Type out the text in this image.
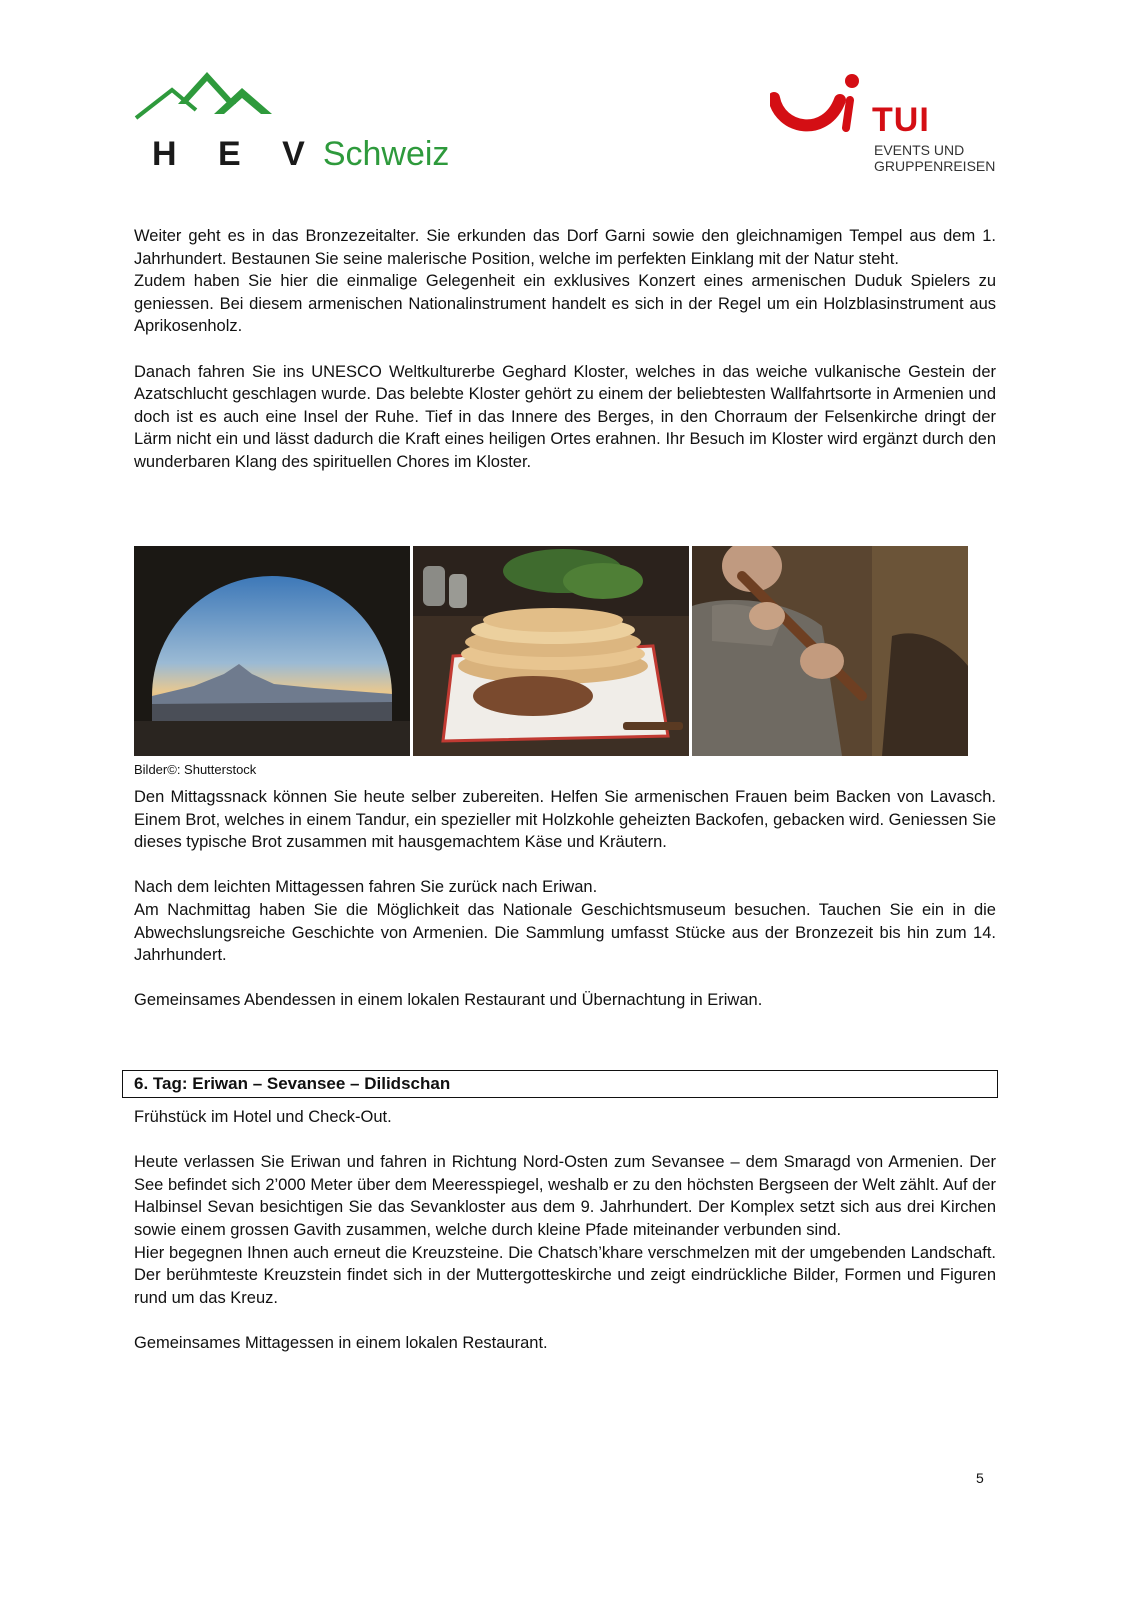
H E VSchweiz
TUI
EVENTS UND
GRUPPENREISEN

Weiter geht es in das Bronzezeitalter. Sie erkunden das Dorf Garni sowie den gleichnamigen Tempel aus dem 1. Jahrhundert. Bestaunen Sie seine malerische Position, welche im perfekten Einklang mit der Natur steht.

Zudem haben Sie hier die einmalige Gelegenheit ein exklusives Konzert eines armenischen Duduk Spielers zu geniessen. Bei diesem armenischen Nationalinstrument handelt es sich in der Regel um ein Holzblasinstrument aus Aprikosenholz.

Danach fahren Sie ins UNESCO Weltkulturerbe Geghard Kloster, welches in das weiche vulkanische Gestein der Azatschlucht geschlagen wurde. Das belebte Kloster gehört zu einem der beliebtesten Wallfahrtsorte in Armenien und doch ist es auch eine Insel der Ruhe. Tief in das Innere des Berges, in den Chorraum der Felsenkirche dringt der Lärm nicht ein und lässt dadurch die Kraft eines heiligen Ortes erahnen. Ihr Besuch im Kloster wird ergänzt durch den wunderbaren Klang des spirituellen Chores im Kloster.

Bilder©: Shutterstock

Den Mittagssnack können Sie heute selber zubereiten. Helfen Sie armenischen Frauen beim Backen von Lavasch. Einem Brot, welches in einem Tandur, ein spezieller mit Holzkohle geheizten Backofen, gebacken wird. Geniessen Sie dieses typische Brot zusammen mit hausgemachtem Käse und Kräutern.

Nach dem leichten Mittagessen fahren Sie zurück nach Eriwan.

Am Nachmittag haben Sie die Möglichkeit das Nationale Geschichtsmuseum besuchen. Tauchen Sie ein in die Abwechslungsreiche Geschichte von Armenien. Die Sammlung umfasst Stücke aus der Bronzezeit bis hin zum 14. Jahrhundert.

Gemeinsames Abendessen in einem lokalen Restaurant und Übernachtung in Eriwan.

6. Tag: Eriwan – Sevansee – Dilidschan

Frühstück im Hotel und Check-Out.

Heute verlassen Sie Eriwan und fahren in Richtung Nord-Osten zum Sevansee – dem Smaragd von Armenien. Der See befindet sich 2’000 Meter über dem Meeresspiegel, weshalb er zu den höchsten Bergseen der Welt zählt. Auf der Halbinsel Sevan besichtigen Sie das Sevankloster aus dem 9. Jahrhundert. Der Komplex setzt sich aus drei Kirchen sowie einem grossen Gavith zusammen, welche durch kleine Pfade miteinander verbunden sind.

Hier begegnen Ihnen auch erneut die Kreuzsteine. Die Chatsch’khare verschmelzen mit der umgebenden Landschaft. Der berühmteste Kreuzstein findet sich in der Muttergotteskirche und zeigt eindrückliche Bilder, Formen und Figuren rund um das Kreuz.

Gemeinsames Mittagessen in einem lokalen Restaurant.

5
